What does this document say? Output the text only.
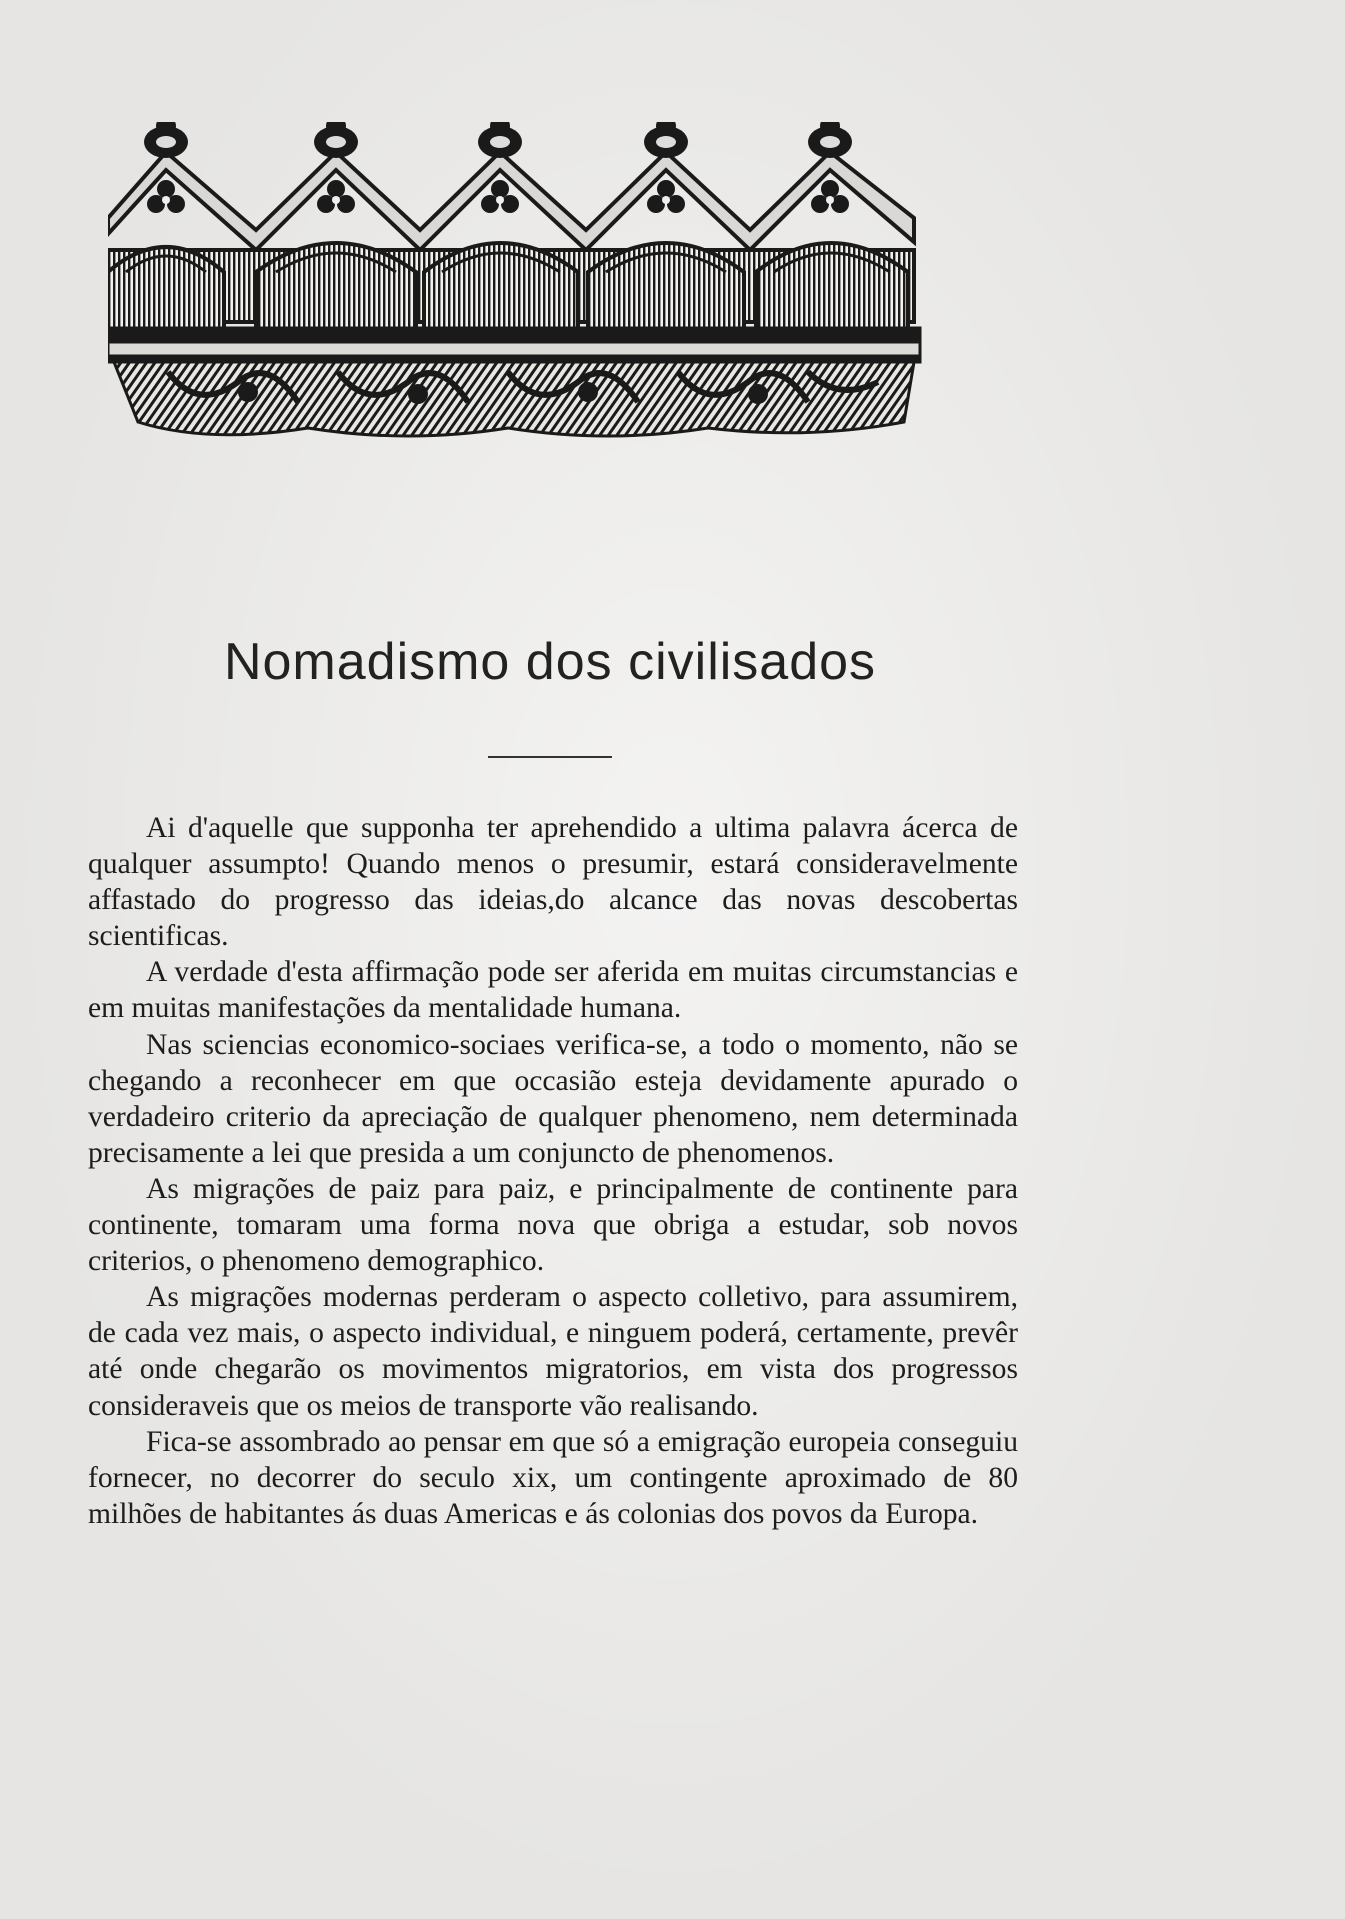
Nomadismo dos civilisados

Ai d'aquelle que supponha ter aprehendido a ultima palavra ácerca de qualquer assumpto! Quando menos o presumir, estará consideravelmente affastado do progresso das ideias,do alcance das novas descobertas scientificas.

A verdade d'esta affirmação pode ser aferida em muitas circumstancias e em muitas manifestações da mentalidade humana.

Nas sciencias economico-sociaes verifica-se, a todo o momento, não se chegando a reconhecer em que occasião esteja devidamente apurado o verdadeiro criterio da apreciação de qualquer phenomeno, nem determinada precisamente a lei que presida a um conjuncto de phenomenos.

As migrações de paiz para paiz, e principalmente de continente para continente, tomaram uma forma nova que obriga a estudar, sob novos criterios, o phenomeno demographico.

As migrações modernas perderam o aspecto colletivo, para assumirem, de cada vez mais, o aspecto individual, e ninguem poderá, certamente, prevêr até onde chegarão os movimentos migratorios, em vista dos progressos consideraveis que os meios de transporte vão realisando.

Fica-se assombrado ao pensar em que só a emigração europeia conseguiu fornecer, no decorrer do seculo xix, um contingente aproximado de 80 milhões de habitantes ás duas Americas e ás colonias dos povos da Europa.
